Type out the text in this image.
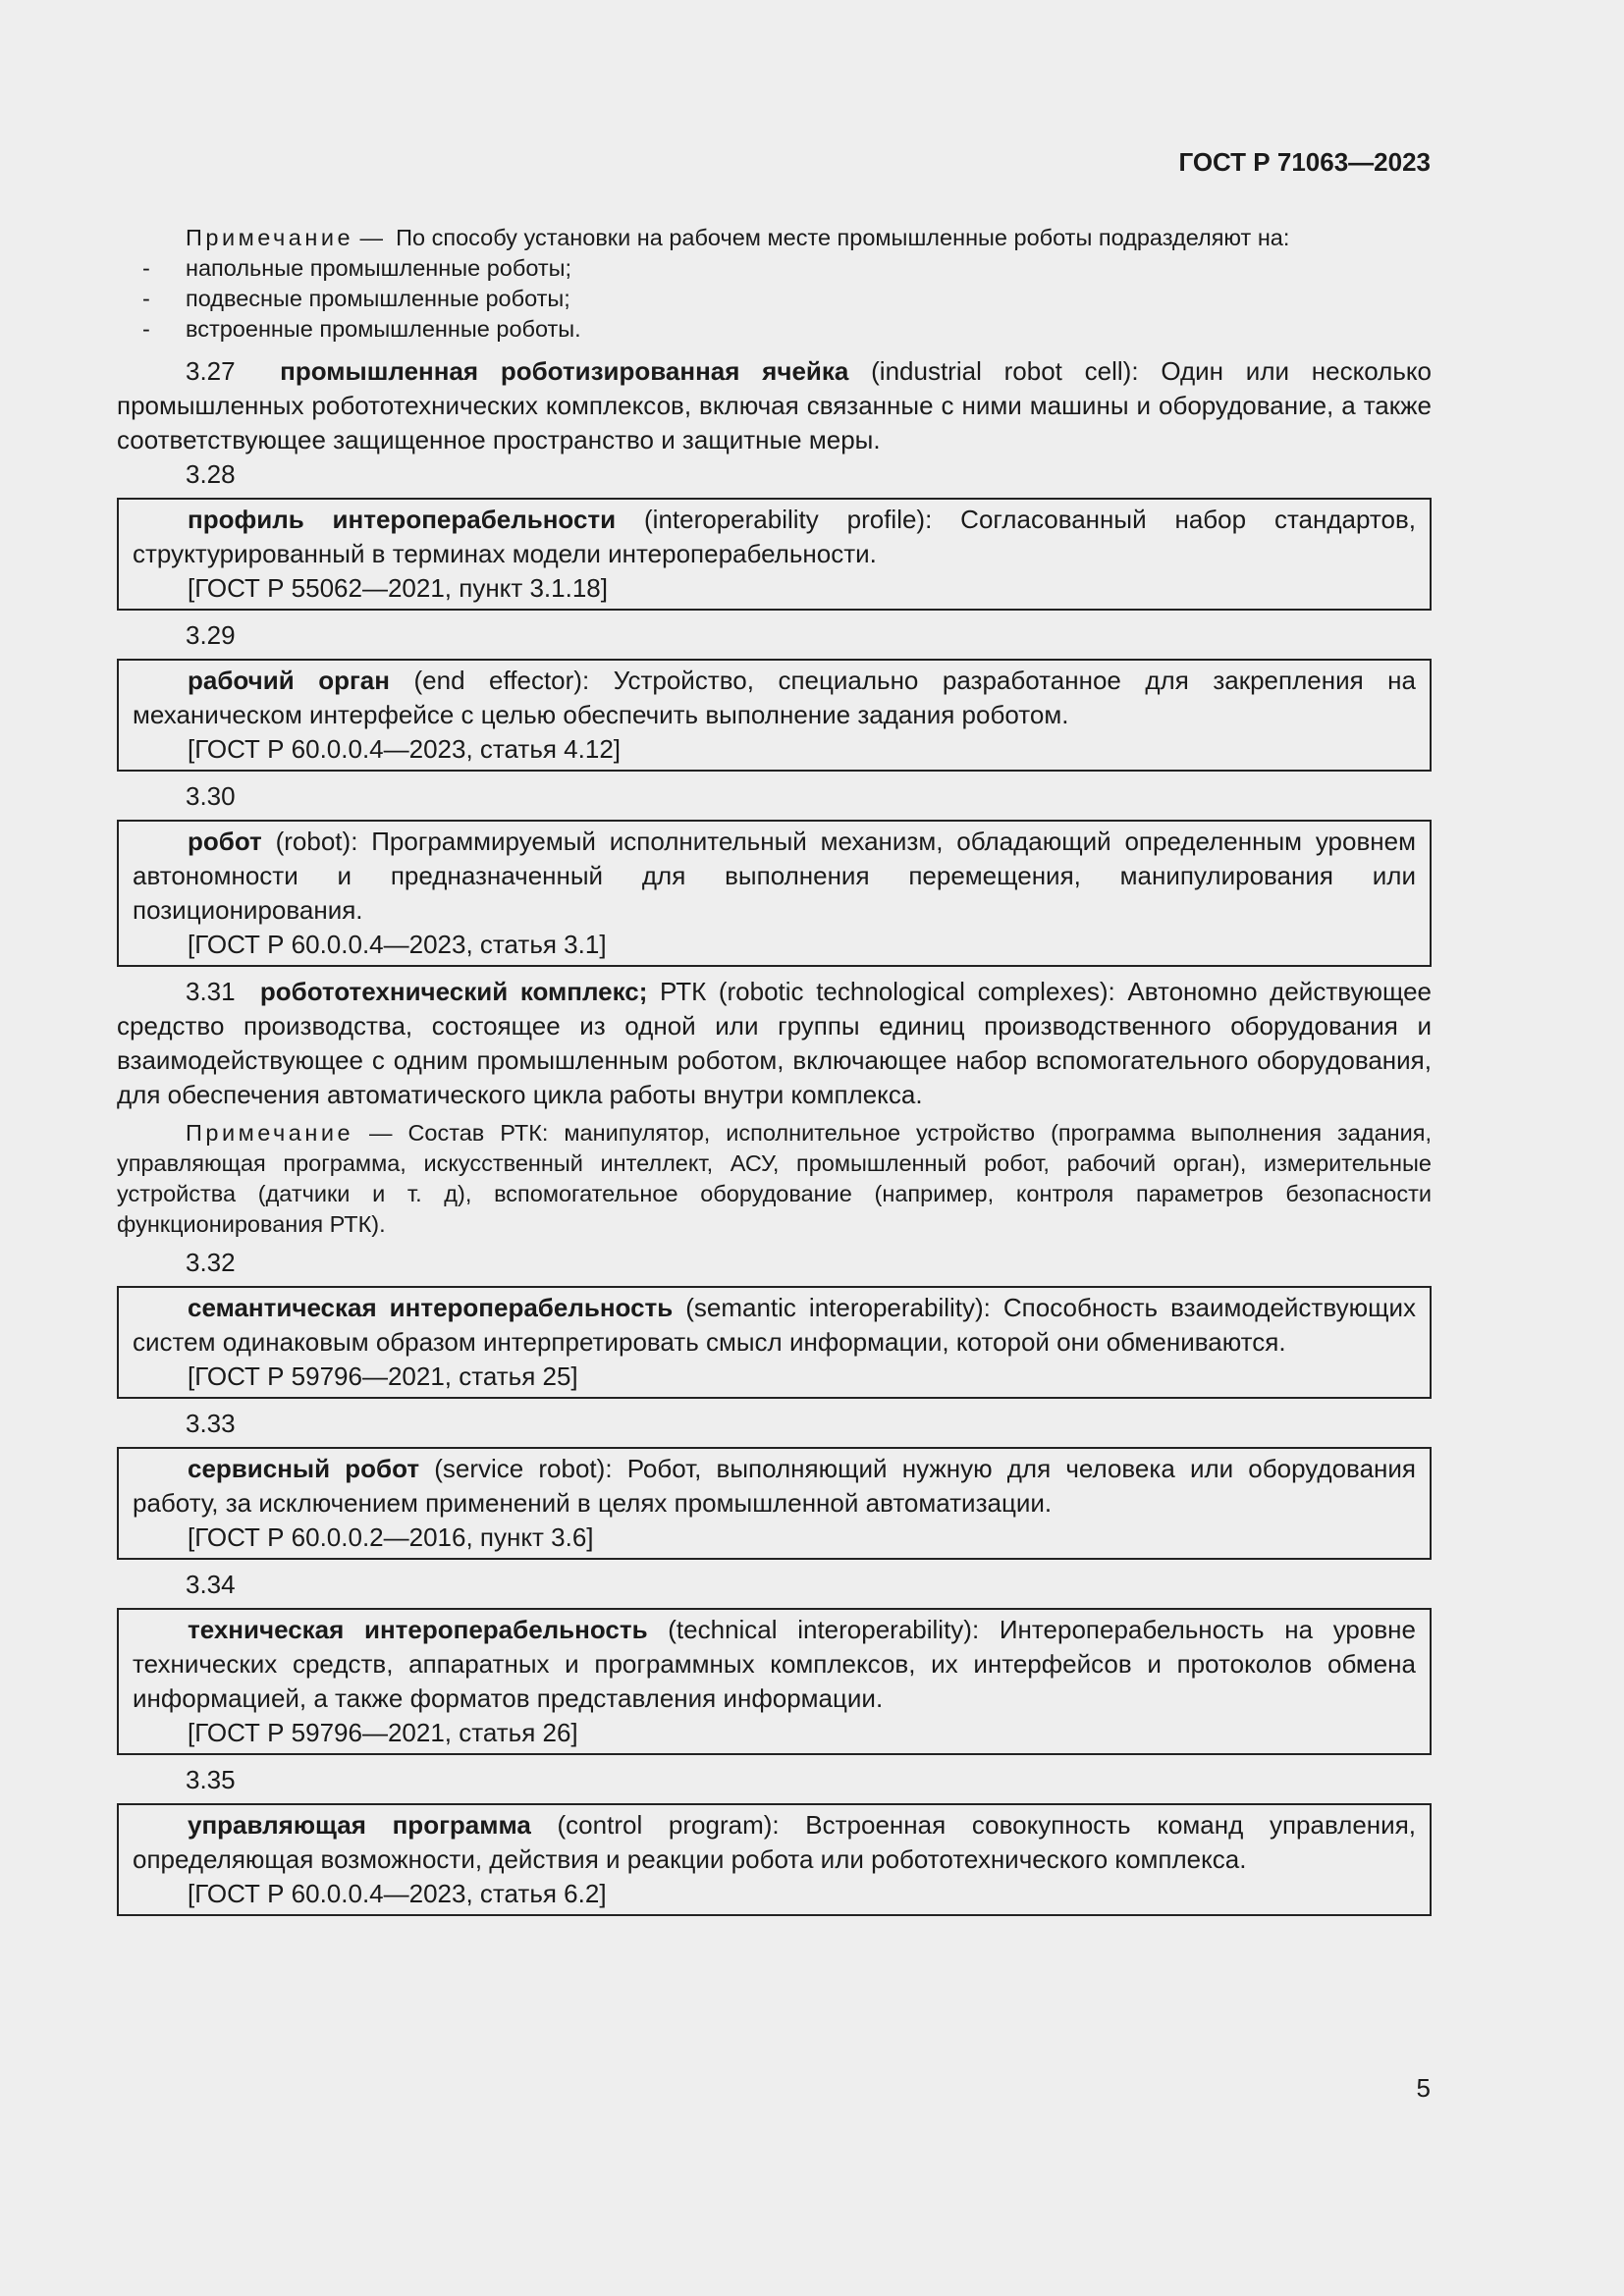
ГОСТ Р 71063—2023

Примечание — По способу установки на рабочем месте промышленные роботы подразделяют на:

- напольные промышленные роботы;

- подвесные промышленные роботы;

- встроенные промышленные роботы.

3.27 промышленная роботизированная ячейка (industrial robot cell): Один или несколько промышленных робототехнических комплексов, включая связанные с ними машины и оборудование, а также соответствующее защищенное пространство и защитные меры.

3.28

профиль интероперабельности (interoperability profile): Согласованный набор стандартов, структурированный в терминах модели интероперабельности.

[ГОСТ Р 55062—2021, пункт 3.1.18]

3.29

рабочий орган (end effector): Устройство, специально разработанное для закрепления на механическом интерфейсе с целью обеспечить выполнение задания роботом.

[ГОСТ Р 60.0.0.4—2023, статья 4.12]

3.30

робот (robot): Программируемый исполнительный механизм, обладающий определенным уровнем автономности и предназначенный для выполнения перемещения, манипулирования или позиционирования.

[ГОСТ Р 60.0.0.4—2023, статья 3.1]

3.31 робототехнический комплекс; РТК (robotic technological complexes): Автономно действующее средство производства, состоящее из одной или группы единиц производственного оборудования и взаимодействующее с одним промышленным роботом, включающее набор вспомогательного оборудования, для обеспечения автоматического цикла работы внутри комплекса.

Примечание — Состав РТК: манипулятор, исполнительное устройство (программа выполнения задания, управляющая программа, искусственный интеллект, АСУ, промышленный робот, рабочий орган), измерительные устройства (датчики и т. д), вспомогательное оборудование (например, контроля параметров безопасности функционирования РТК).

3.32

семантическая интероперабельность (semantic interoperability): Способность взаимодействующих систем одинаковым образом интерпретировать смысл информации, которой они обмениваются.

[ГОСТ Р 59796—2021, статья 25]

3.33

сервисный робот (service robot): Робот, выполняющий нужную для человека или оборудования работу, за исключением применений в целях промышленной автоматизации.

[ГОСТ Р 60.0.0.2—2016, пункт 3.6]

3.34

техническая интероперабельность (technical interoperability): Интероперабельность на уровне технических средств, аппаратных и программных комплексов, их интерфейсов и протоколов обмена информацией, а также форматов представления информации.

[ГОСТ Р 59796—2021, статья 26]

3.35

управляющая программа (control program): Встроенная совокупность команд управления, определяющая возможности, действия и реакции робота или робототехнического комплекса.

[ГОСТ Р 60.0.0.4—2023, статья 6.2]

5
